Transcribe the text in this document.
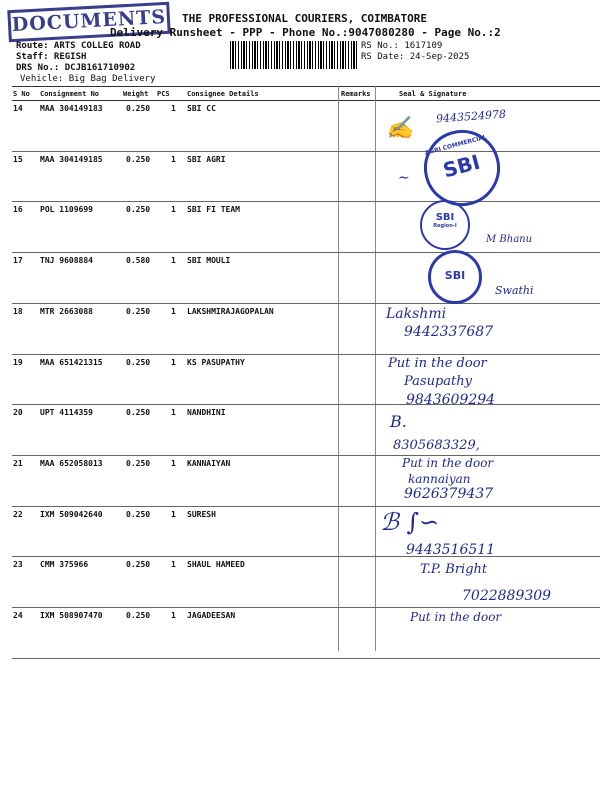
DOCUMENTS	THE PROFESSIONAL COURIERS, COIMBATORE
Delivery Runsheet - PPP - Phone No.:9047080280 - Page No.:2
Route: ARTS COLLEG ROAD
Staff: REGISH
DRS No.: DCJB161710902
Vehicle: Big Bag Delivery
RS No.: 1617109
RS Date: 24-Sep-2025
S No Consignment No	Weight PCS Consignee Details	Remarks	Seal & Signature
14 MAA 304149183	0.250	1 SBI CC
15 MAA 304149185	0.250	1 SBI AGRI
16 POL 1109699	0.250	1 SBI FI TEAM
17 TNJ 9608884	0.580	1 SBI MOULI
18 MTR 2663088	0.250	1 LAKSHMIRAJAGOPALAN
19 MAA 651421315	0.250	1 KS PASUPATHY
20 UPT 4114359	0.250	1 NANDHINI
21 MAA 652058013	0.250	1 KANNAIYAN
22 IXM 509042640	0.250	1 SURESH
23 CMM 375966	0.250	1 SHAUL HAMEED
24 IXM 508907470	0.250	1 JAGADEESAN
AGRI COMMERCIAL
SBI
SBI
Region-I
SBI
✍ 9443524978
∼
M Bhanu
Swathi
Lakshmi
9442337687
Put in the door
Pasupathy
9843609294
B.
8305683329,
Put in the door
kannaiyan
9626379437
ℬ ∫∽
9443516511
T.P. Bright
7022889309
Put in the door
